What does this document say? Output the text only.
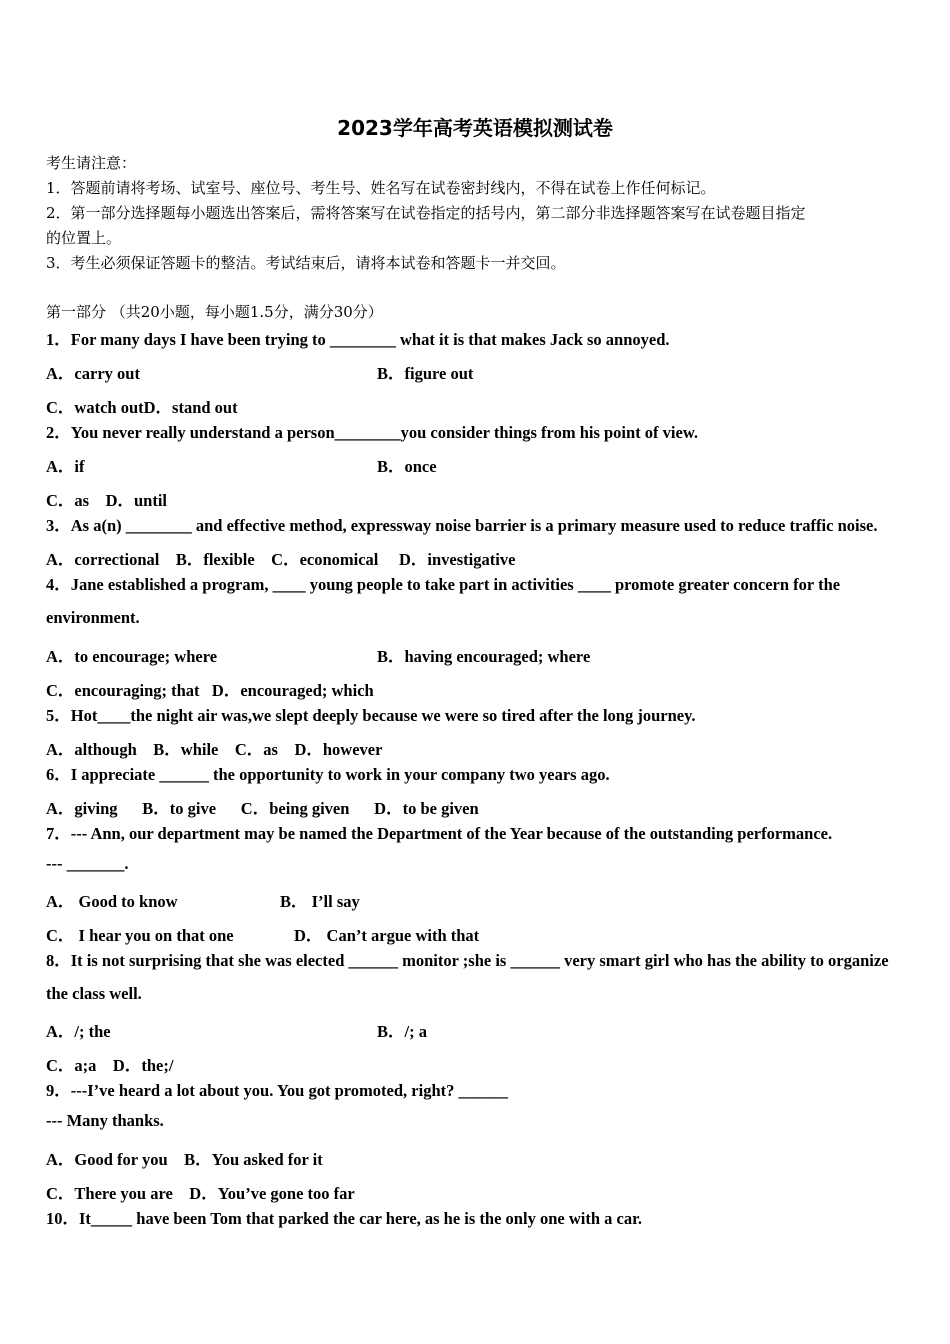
2023学年高考英语模拟测试卷
考生请注意：
1．答题前请将考场、试室号、座位号、考生号、姓名写在试卷密封线内，不得在试卷上作任何标记。
2．第一部分选择题每小题选出答案后，需将答案写在试卷指定的括号内，第二部分非选择题答案写在试卷题目指定
的位置上。
3．考生必须保证答题卡的整洁。考试结束后，请将本试卷和答题卡一并交回。
第一部分 （共20小题，每小题1.5分，满分30分）
1．For many days I have been trying to ________ what it is that makes Jack so annoyed.
A．carry out	B．figure out
C．watch outD．stand out
2．You never really understand a person________you consider things from his point of view.
A．if	B．once
C．as    D．until
3．As a(n) ________ and effective method, expressway noise barrier is a primary measure used to reduce traffic noise.
A．correctional    B．flexible    C．economical     D．investigative
4．Jane established a program, ____ young people to take part in activities ____ promote greater concern for the
environment.
A．to encourage; where	B．having encouraged; where
C．encouraging; that   D．encouraged; which
5．Hot____the night air was,we slept deeply because we were so tired after the long journey.
A．although    B．while    C．as    D．however
6．I appreciate ______ the opportunity to work in your company two years ago.
A．giving      B．to give      C．being given      D．to be given
7．--- Ann, our department may be named the Department of the Year because of the outstanding performance.
--- _______.
A． Good to know	B． I’ll say
C． I hear you on that one	D． Can’t argue with that
8．It is not surprising that she was elected ______ monitor ;she is ______ very smart girl who has the ability to organize
the class well.
A．/; the	B．/; a
C．a;a    D．the;/
9．---I’ve heard a lot about you. You got promoted, right? ______
--- Many thanks.
A．Good for you    B．You asked for it
C．There you are    D．You’ve gone too far
10．It_____ have been Tom that parked the car here, as he is the only one with a car.
